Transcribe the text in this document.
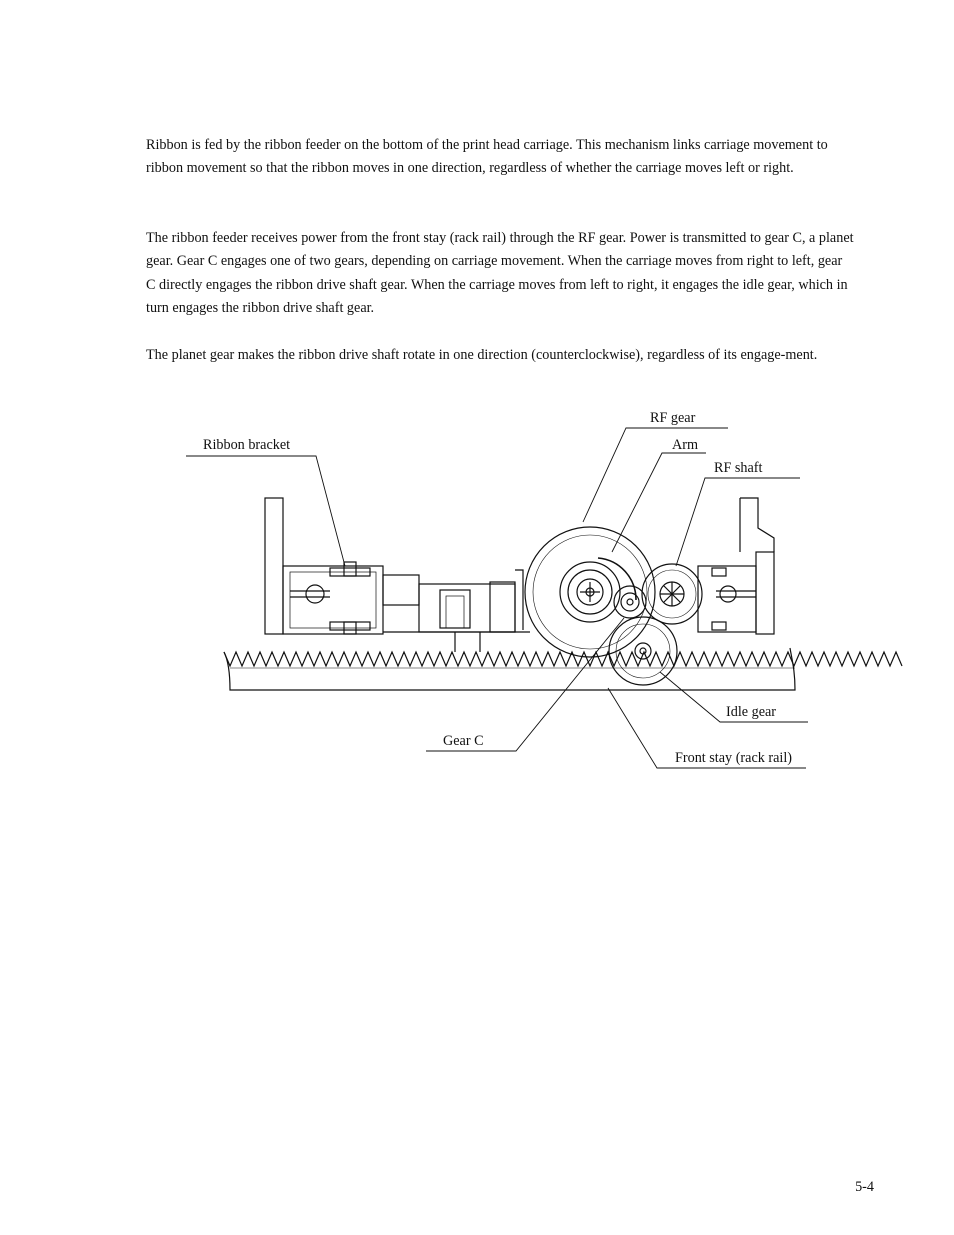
Ribbon is fed by the ribbon feeder on the bottom of the print head carriage. This mechanism links carriage movement to ribbon movement so that the ribbon moves in one direction, regardless of whether the carriage moves left or right.

The ribbon feeder receives power from the front stay (rack rail) through the RF gear. Power is transmitted to gear C, a planet gear. Gear C engages one of two gears, depending on carriage movement. When the carriage moves from right to left, gear C directly engages the ribbon drive shaft gear. When the carriage moves from left to right, it engages the idle gear, which in turn engages the ribbon drive shaft gear.

The planet gear makes the ribbon drive shaft rotate in one direction (counterclockwise), regardless of its engage-ment.

RF gear
Arm
RF shaft
Ribbon bracket
Idle gear
Gear C
Front stay (rack rail)
5-4
